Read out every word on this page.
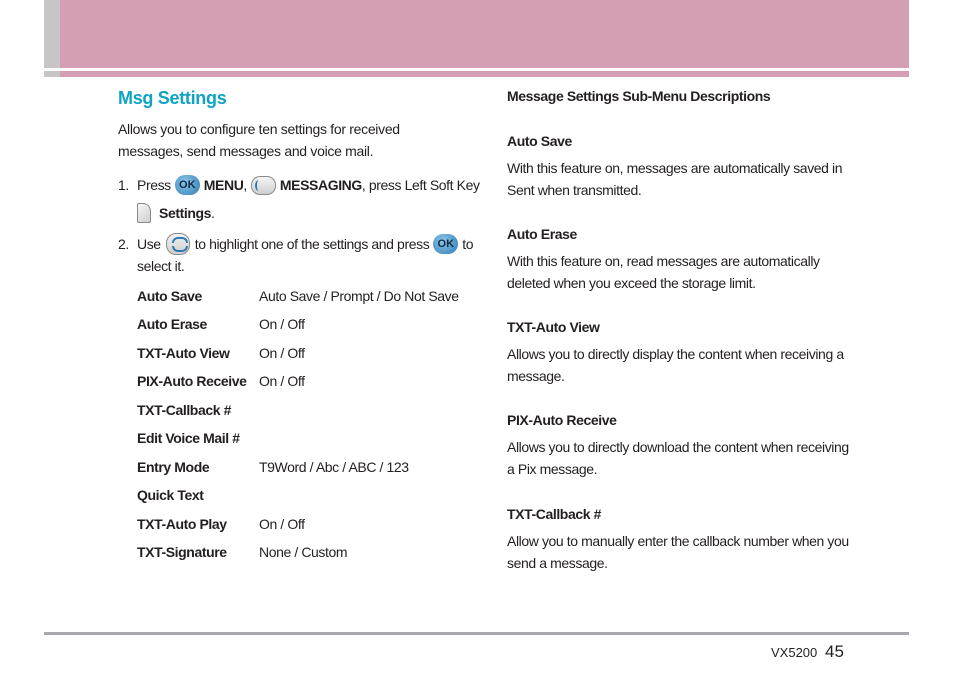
Msg Settings

Allows you to configure ten settings for received messages, send messages and voice mail.

1. Press OK MENU , MESSAGING , press Left Soft Key
Settings .
2. Use to highlight one of the settings and press OK to
select it.
Auto Save	Auto Save / Prompt / Do Not Save
Auto Erase	On / Off
TXT-Auto View On / Off
PIX-Auto Receive On / Off
TXT-Callback #
Edit Voice Mail #
Entry Mode	T9Word / Abc / ABC / 123
Quick Text
TXT-Auto Play On / Off
TXT-Signature None / Custom
Message Settings Sub-Menu Descriptions
Auto Save

With this feature on, messages are automatically saved in Sent when transmitted.

Auto Erase

With this feature on, read messages are automatically deleted when you exceed the storage limit.

TXT-Auto View

Allows you to directly display the content when receiving a message.

PIX-Auto Receive

Allows you to directly download the content when receiving a Pix message.

TXT-Callback #

Allow you to manually enter the callback number when you send a message.

VX5200 45
